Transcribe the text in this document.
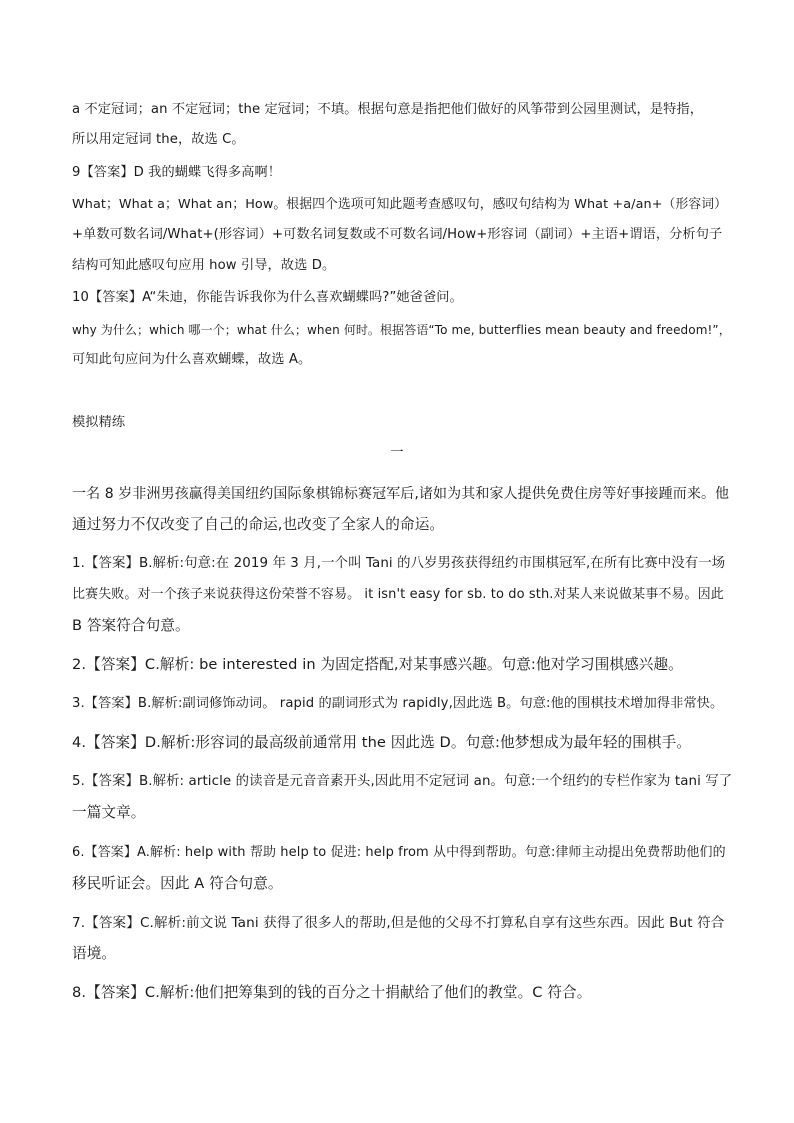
a 不定冠词；an 不定冠词；the 定冠词；不填。根据句意是指把他们做好的风筝带到公园里测试，是特指，
所以用定冠词 the，故选 C。
9【答案】D 我的蝴蝶飞得多高啊！
What；What a；What an；How。根据四个选项可知此题考查感叹句，感叹句结构为 What +a/an+（形容词）
+单数可数名词/What+(形容词）+可数名词复数或不可数名词/How+形容词（副词）+主语+谓语，分析句子
结构可知此感叹句应用 how 引导，故选 D。
10【答案】A“朱迪，你能告诉我你为什么喜欢蝴蝶吗?”她爸爸问。
why 为什么；which 哪一个；what 什么；when 何时。根据答语“To me, butterflies mean beauty and freedom!”，
可知此句应问为什么喜欢蝴蝶，故选 A。
模拟精练
一
一名 8 岁非洲男孩赢得美国纽约国际象棋锦标赛冠军后,诸如为其和家人提供免费住房等好事接踵而来。他
通过努力不仅改变了自己的命运,也改变了全家人的命运。
1.【答案】B.解析:句意:在 2019 年 3 月,一个叫 Tani 的八岁男孩获得纽约市围棋冠军,在所有比赛中没有一场
比赛失败。对一个孩子来说获得这份荣誉不容易。 it isn't easy for sb. to do sth.对某人来说做某事不易。因此
B 答案符合句意。
2.【答案】C.解析: be interested in 为固定搭配,对某事感兴趣。句意:他对学习围棋感兴趣。
3.【答案】B.解析:副词修饰动词。 rapid 的副词形式为 rapidly,因此选 B。句意:他的围棋技术增加得非常快。
4.【答案】D.解析:形容词的最高级前通常用 the 因此选 D。句意:他梦想成为最年轻的围棋手。
5.【答案】B.解析: article 的读音是元音音素开头,因此用不定冠词 an。句意:一个纽约的专栏作家为 tani 写了
一篇文章。
6.【答案】A.解析: help with 帮助 help to 促进: help from 从中得到帮助。句意:律师主动提出免费帮助他们的
移民听证会。因此 A 符合句意。
7.【答案】C.解析:前文说 Tani 获得了很多人的帮助,但是他的父母不打算私自享有这些东西。因此 But 符合
语境。
8.【答案】C.解析:他们把筹集到的钱的百分之十捐献给了他们的教堂。C 符合。
